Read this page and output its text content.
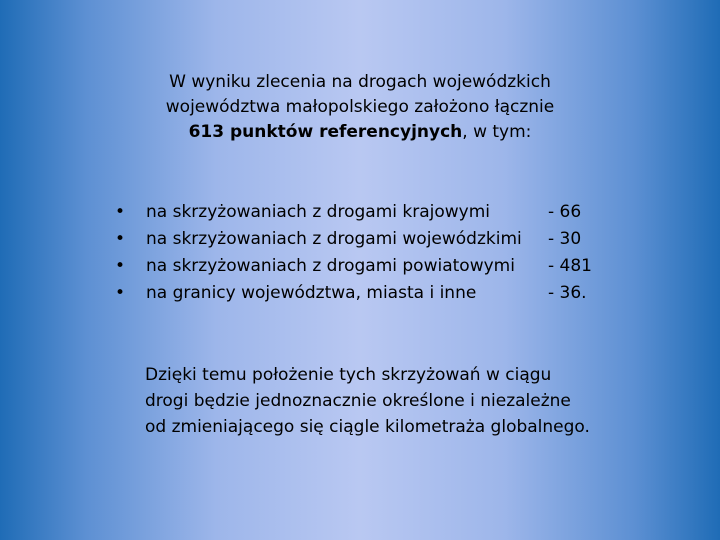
W wyniku zlecenia na drogach wojewódzkich
województwa małopolskiego założono łącznie
613 punktów referencyjnych, w tym:
• na skrzyżowaniach z drogami krajowymi	- 66
• na skrzyżowaniach z drogami wojewódzkimi - 30
• na skrzyżowaniach z drogami powiatowymi - 481
• na granicy województwa, miasta i inne	- 36.
Dzięki temu położenie tych skrzyżowań w ciągu
drogi będzie jednoznacznie określone i niezależne
od zmieniającego się ciągle kilometraża globalnego.
